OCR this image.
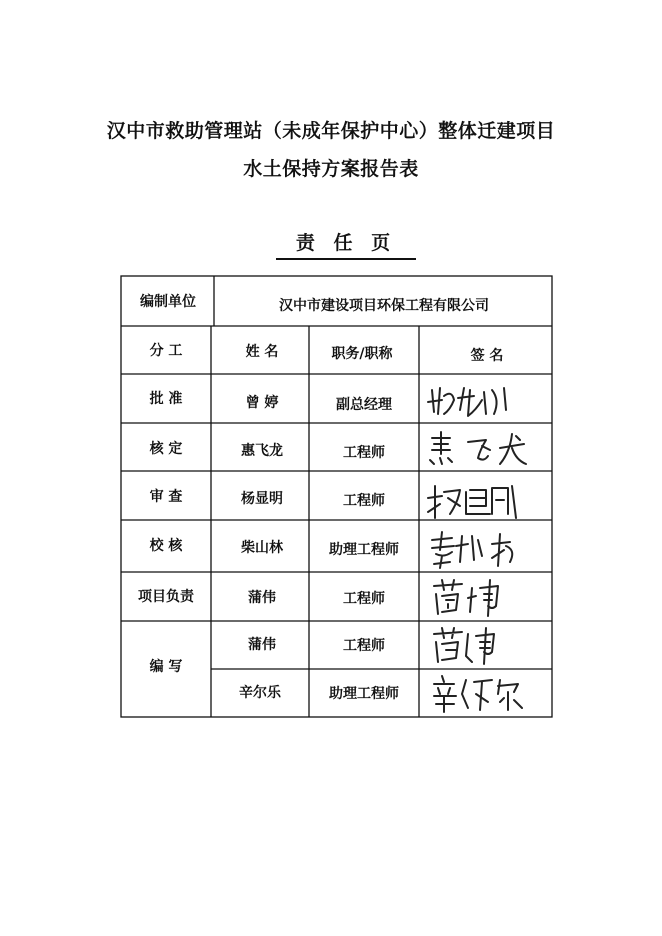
汉中市救助管理站（未成年保护中心）整体迁建项目
水土保持方案报告表
责 任 页
编制单位	汉中市建设项目环保工程有限公司
分 工	姓 名	职务/职称	签 名
批 准	曾 婷	副总经理
核 定	惠飞龙	工程师
审 查	杨显明	工程师
校 核	柴山林	助理工程师
项目负责	蒲伟	工程师
编 写
蒲伟	工程师
辛尔乐	助理工程师
